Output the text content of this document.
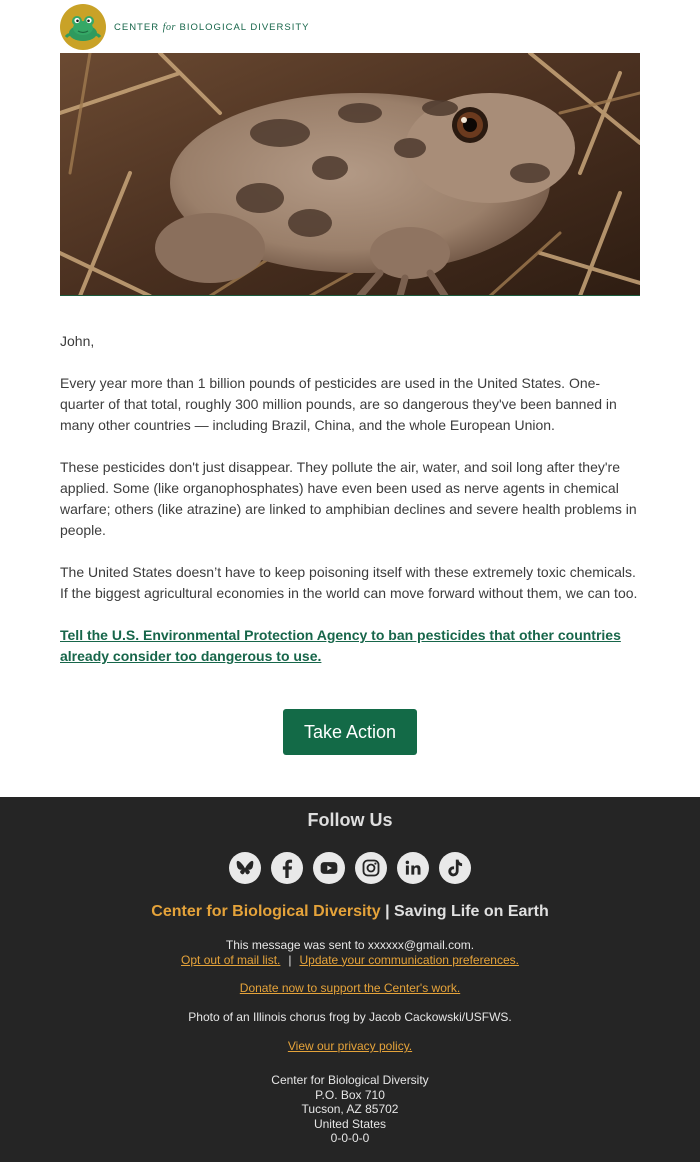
CENTER for BIOLOGICAL DIVERSITY

John,

Every year more than 1 billion pounds of pesticides are used in the United States. One-quarter of that total, roughly 300 million pounds, are so dangerous they've been banned in many other countries — including Brazil, China, and the whole European Union.

These pesticides don't just disappear. They pollute the air, water, and soil long after they're applied. Some (like organophosphates) have even been used as nerve agents in chemical warfare; others (like atrazine) are linked to amphibian declines and severe health problems in people.

The United States doesn’t have to keep poisoning itself with these extremely toxic chemicals. If the biggest agricultural economies in the world can move forward without them, we can too.

Tell the U.S. Environmental Protection Agency to ban pesticides that other countries already consider too dangerous to use.

Take Action
Follow Us
Center for Biological Diversity | Saving Life on Earth
This message was sent to xxxxxx@gmail.com.
Opt out of mail list. | Update your communication preferences.
Donate now to support the Center's work.
Photo of an Illinois chorus frog by Jacob Cackowski/USFWS.
View our privacy policy.
Center for Biological Diversity
P.O. Box 710
Tucson, AZ 85702
United States
0-0-0-0
